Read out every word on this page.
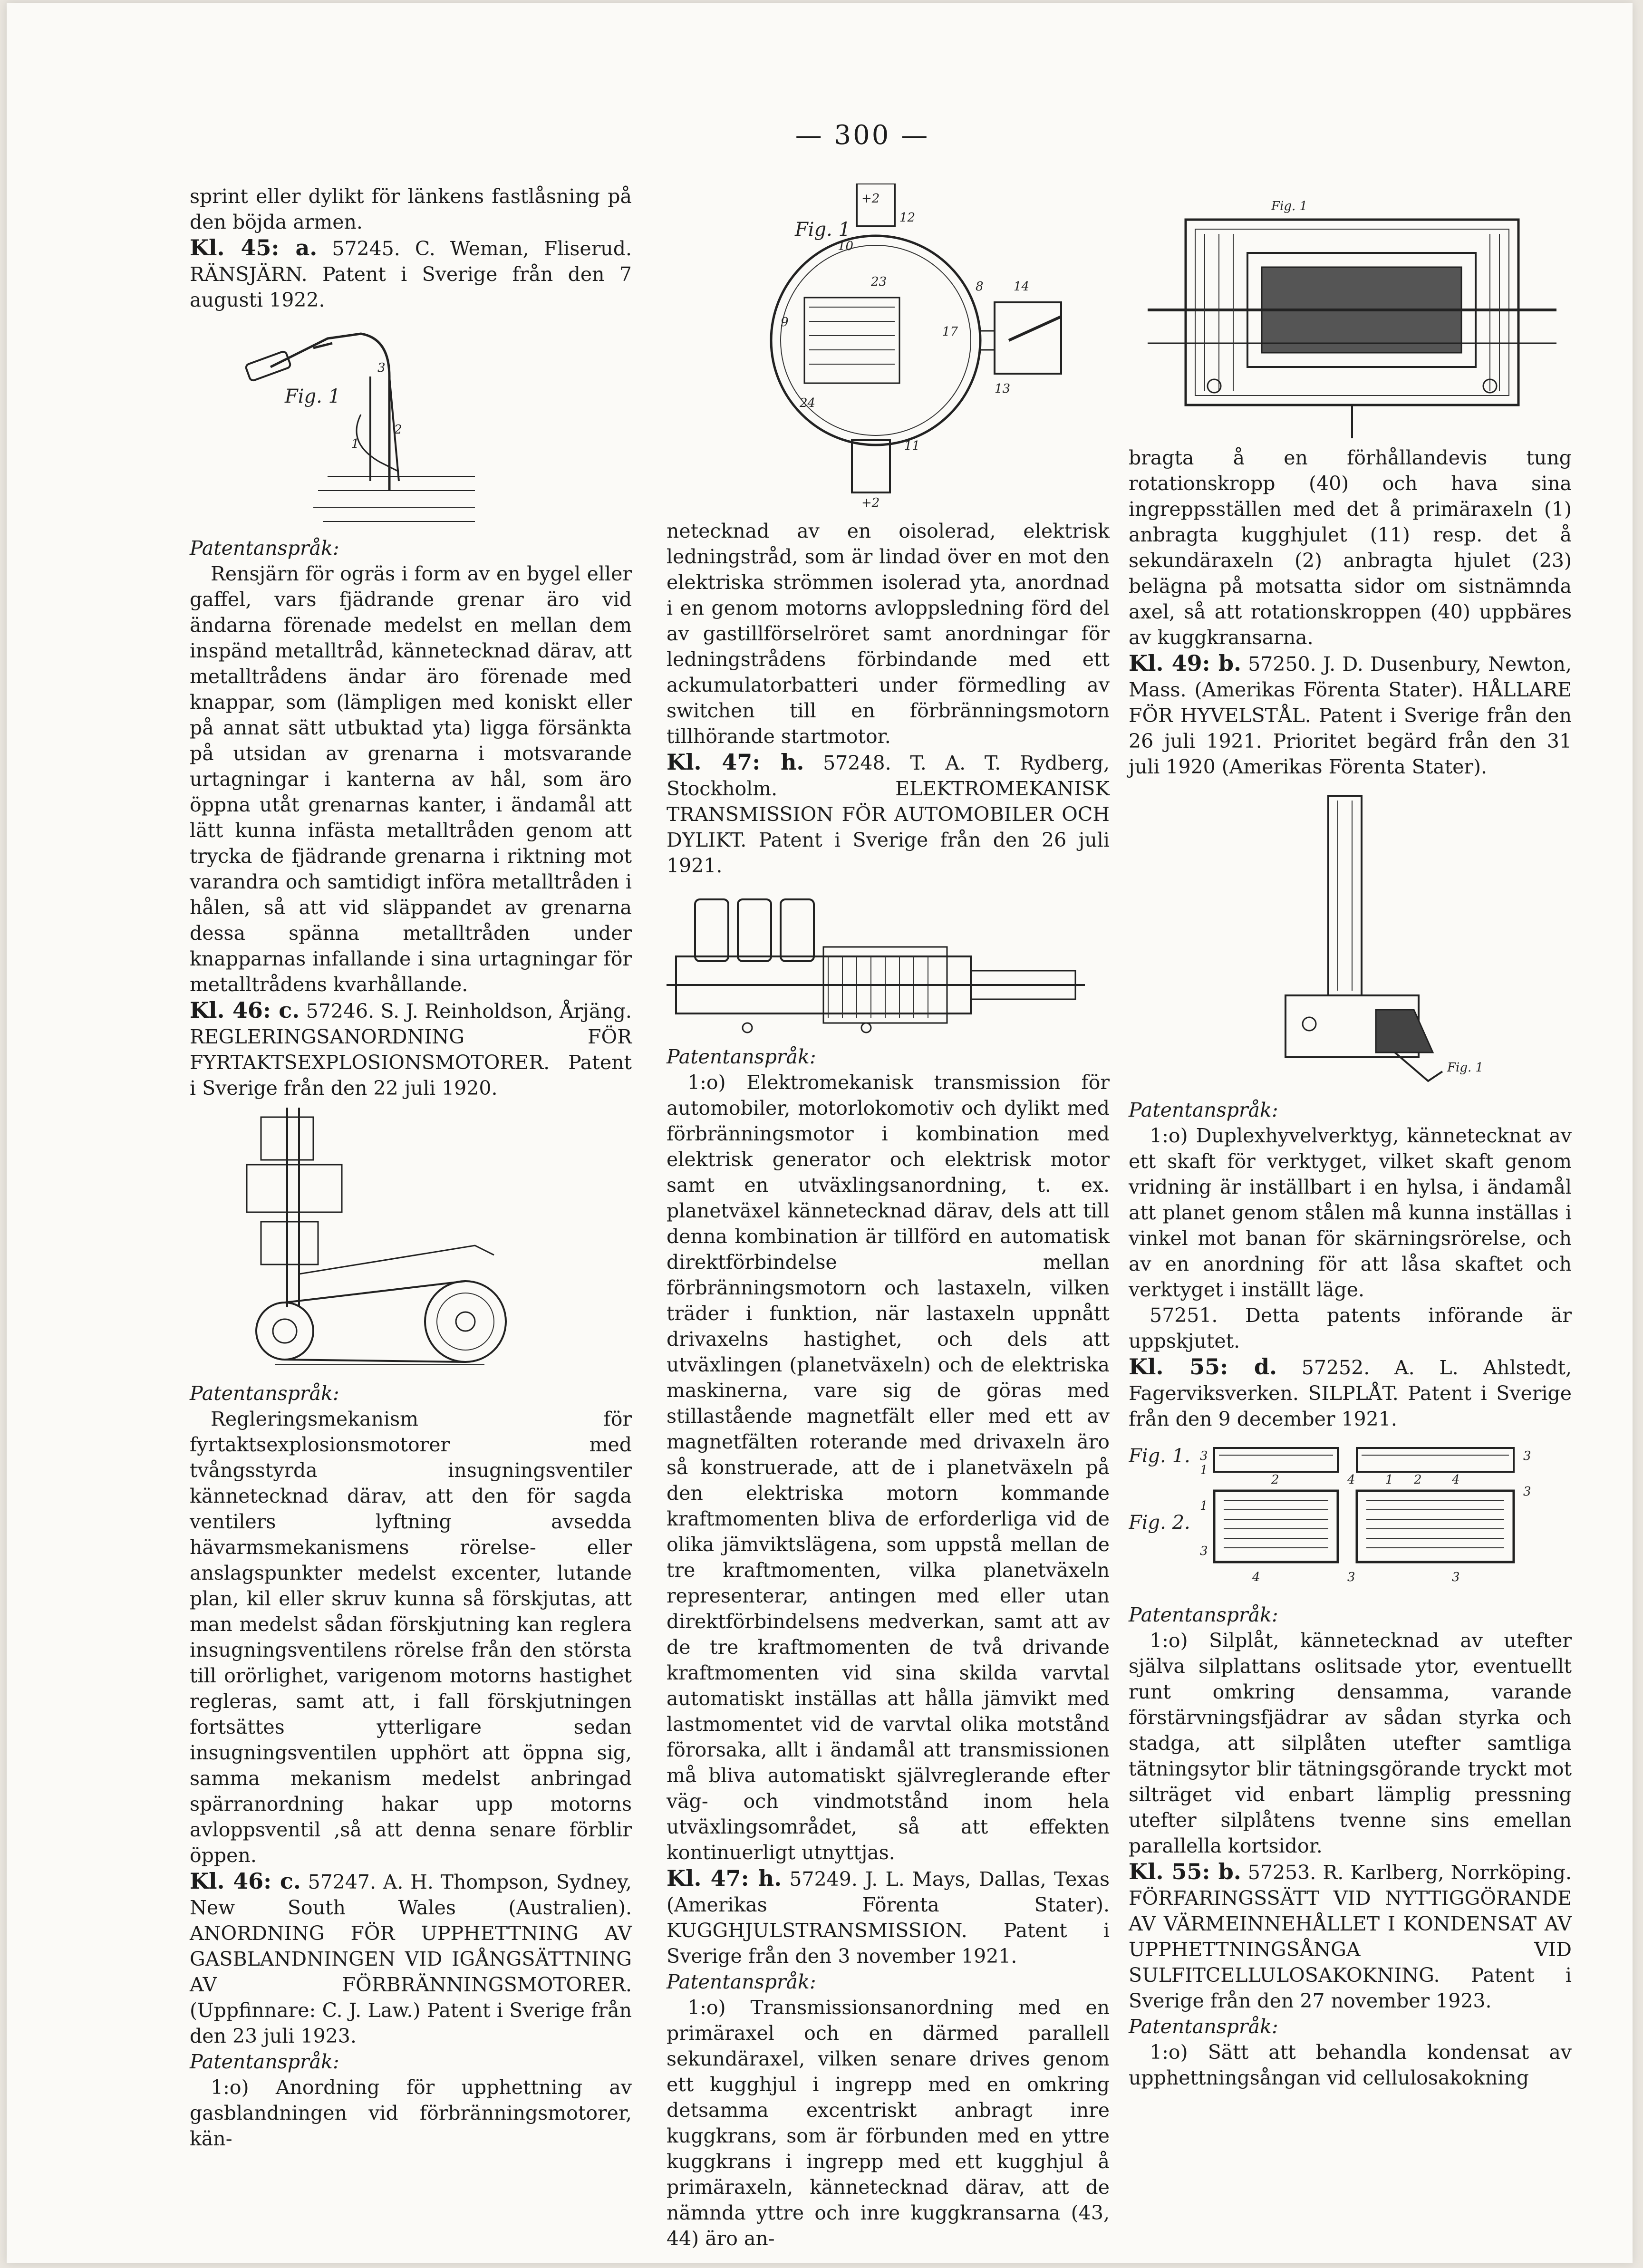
— 300 —

sprint eller dylikt för länkens fastlåsning på den böjda armen.

Kl. 45: a. 57245. C. Weman, Fliserud. RÄNSJÄRN. Patent i Sverige från den 7 augusti 1922.

Fig. 1
3
1
2

Patentanspråk:

Rensjärn för ogräs i form av en bygel eller gaffel, vars fjädrande grenar äro vid ändarna förenade medelst en mellan dem inspänd metalltråd, kännetecknad därav, att metalltrådens ändar äro förenade med knappar, som (lämpligen med koniskt eller på annat sätt utbuktad yta) ligga försänkta på utsidan av grenarna i motsvarande urtagningar i kanterna av hål, som äro öppna utåt grenarnas kanter, i ändamål att lätt kunna infästa metalltråden genom att trycka de fjädrande grenarna i riktning mot varandra och samtidigt införa metalltråden i hålen, så att vid släppandet av grenarna dessa spänna metalltråden under knapparnas infallande i sina urtagningar för metalltrådens kvarhållande.

Kl. 46: c. 57246. S. J. Reinholdson, Årjäng. REGLERINGSANORDNING FÖR FYRTAKTSEXPLOSIONSMOTORER. Patent i Sverige från den 22 juli 1920.

Patentanspråk:

Regleringsmekanism för fyrtaktsexplosionsmotorer med tvångsstyrda insugningsventiler kännetecknad därav, att den för sagda ventilers lyftning avsedda hävarmsmekanismens rörelse- eller anslagspunkter medelst excenter, lutande plan, kil eller skruv kunna så förskjutas, att man medelst sådan förskjutning kan reglera insugningsventilens rörelse från den största till orörlighet, varigenom motorns hastighet regleras, samt att, i fall förskjutningen fortsättes ytterligare sedan insugningsventilen upphört att öppna sig, samma mekanism medelst anbringad spärranordning hakar upp motorns avloppsventil ,så att denna senare förblir öppen.

Kl. 46: c. 57247. A. H. Thompson, Sydney, New South Wales (Australien). ANORDNING FÖR UPPHETTNING AV GASBLANDNINGEN VID IGÅNGSÄTTNING AV FÖRBRÄNNINGSMOTORER. (Uppfinnare: C. J. Law.) Patent i Sverige från den 23 juli 1923.

Patentanspråk:

1:o) Anordning för upphettning av gasblandningen vid förbränningsmotorer, kän-

Fig. 1
+2
12
10
23	8 14
9
17
13
24
11
+2

netecknad av en oisolerad, elektrisk ledningstråd, som är lindad över en mot den elektriska strömmen isolerad yta, anordnad i en genom motorns avloppsledning förd del av gastillförselröret samt anordningar för ledningstrådens förbindande med ett ackumulatorbatteri under förmedling av switchen till en förbränningsmotorn tillhörande startmotor.

Kl. 47: h. 57248. T. A. T. Rydberg, Stockholm. ELEKTROMEKANISK TRANSMISSION FÖR AUTOMOBILER OCH DYLIKT. Patent i Sverige från den 26 juli 1921.

Patentanspråk:

1:o) Elektromekanisk transmission för automobiler, motorlokomotiv och dylikt med förbränningsmotor i kombination med elektrisk generator och elektrisk motor samt en utväxlingsanordning, t. ex. planetväxel kännetecknad därav, dels att till denna kombination är tillförd en automatisk direktförbindelse mellan förbränningsmotorn och lastaxeln, vilken träder i funktion, när lastaxeln uppnått drivaxelns hastighet, och dels att utväxlingen (planetväxeln) och de elektriska maskinerna, vare sig de göras med stillastående magnetfält eller med ett av magnetfälten roterande med drivaxeln äro så konstruerade, att de i planetväxeln på den elektriska motorn kommande kraftmomenten bliva de erforderliga vid de olika jämviktslägena, som uppstå mellan de tre kraftmomenten, vilka planetväxeln representerar, antingen med eller utan direktförbindelsens medverkan, samt att av de tre kraftmomenten de två drivande kraftmomenten vid sina skilda varvtal automatiskt inställas att hålla jämvikt med lastmomentet vid de varvtal olika motstånd förorsaka, allt i ändamål att transmissionen må bliva automatiskt självreglerande efter väg- och vindmotstånd inom hela utväxlingsområdet, så att effekten kontinuerligt utnyttjas.

Kl. 47: h. 57249. J. L. Mays, Dallas, Texas (Amerikas Förenta Stater). KUGGHJULSTRANSMISSION. Patent i Sverige från den 3 november 1921.

Patentanspråk:

1:o) Transmissionsanordning med en primäraxel och en därmed parallell sekundäraxel, vilken senare drives genom ett kugghjul i ingrepp med en omkring detsamma excentriskt anbragt inre kuggkrans, som är förbunden med en yttre kuggkrans i ingrepp med ett kugghjul å primäraxeln, kännetecknad därav, att de nämnda yttre och inre kuggkransarna (43, 44) äro an-

Fig. 1

bragta å en förhållandevis tung rotationskropp (40) och hava sina ingreppsställen med det å primäraxeln (1) anbragta kugghjulet (11) resp. det å sekundäraxeln (2) anbragta hjulet (23) belägna på motsatta sidor om sistnämnda axel, så att rotationskroppen (40) uppbäres av kuggkransarna.

Kl. 49: b. 57250. J. D. Dusenbury, Newton, Mass. (Amerikas Förenta Stater). HÅLLARE FÖR HYVELSTÅL. Patent i Sverige från den 26 juli 1921. Prioritet begärd från den 31 juli 1920 (Amerikas Förenta Stater).

Fig. 1

Patentanspråk:

1:o) Duplexhyvelverktyg, kännetecknat av ett skaft för verktyget, vilket skaft genom vridning är inställbart i en hylsa, i ändamål att planet genom stålen må kunna inställas i vinkel mot banan för skärningsrörelse, och av en anordning för att låsa skaftet och verktyget i inställt läge.

57251. Detta patents införande är uppskjutet.

Kl. 55: d. 57252. A. L. Ahlstedt, Fagerviksverken. SILPLÅT. Patent i Sverige från den 9 december 1921.

Fig. 1.
Fig. 2.
3
1
2	4 1 2 4
3
3
1
3
4	3	3

Patentanspråk:

1:o) Silplåt, kännetecknad av utefter själva silplattans oslitsade ytor, eventuellt runt omkring densamma, varande förstärvningsfjädrar av sådan styrka och stadga, att silplåten utefter samtliga tätningsytor blir tätningsgörande tryckt mot silträget vid enbart lämplig pressning utefter silplåtens tvenne sins emellan parallella kortsidor.

Kl. 55: b. 57253. R. Karlberg, Norrköping. FÖRFARINGSSÄTT VID NYTTIGGÖRANDE AV VÄRMEINNEHÅLLET I KONDENSAT AV UPPHETTNINGSÅNGA VID SULFITCELLULOSAKOKNING. Patent i Sverige från den 27 november 1923.

Patentanspråk:

1:o) Sätt att behandla kondensat av upphettningsångan vid cellulosakokning
